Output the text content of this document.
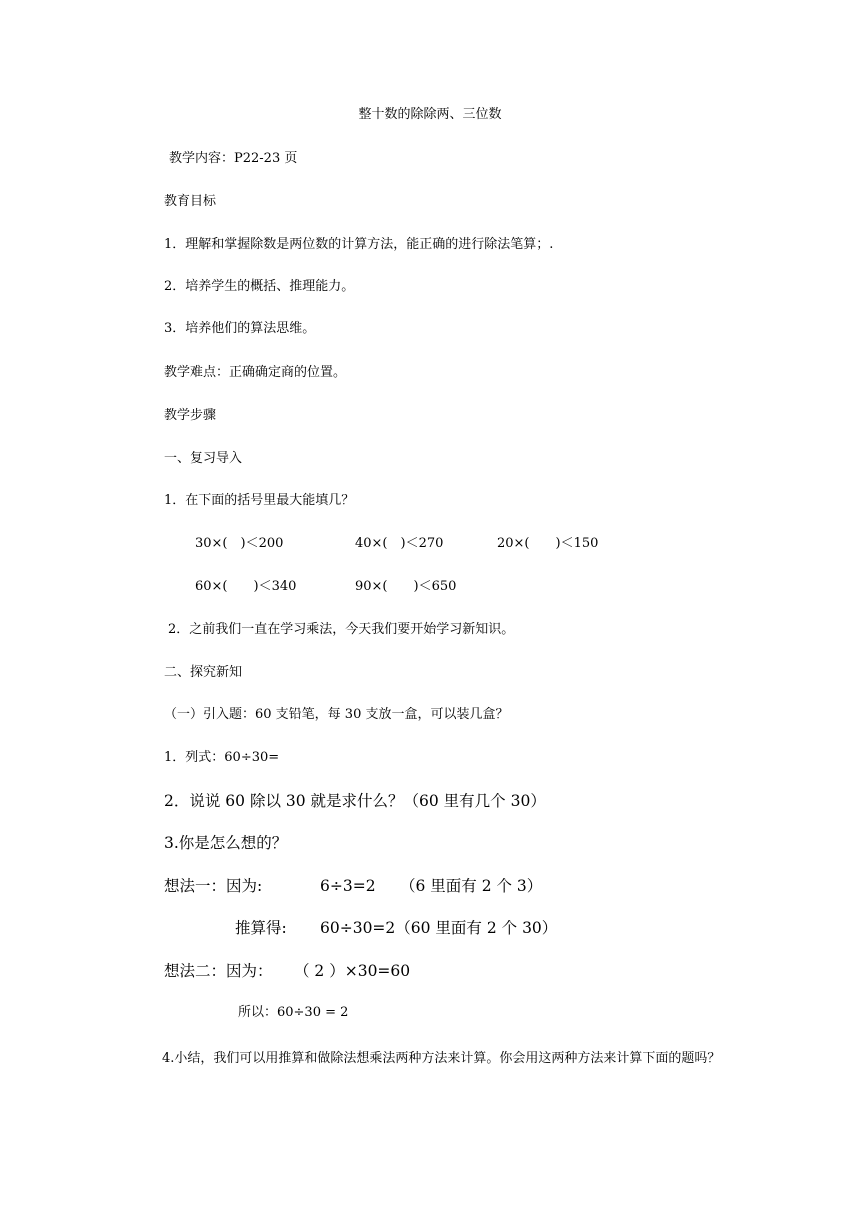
整十数的除除两、三位数
教学内容：P22-23 页
教育目标
1．理解和掌握除数是两位数的计算方法，能正确的进行除法笔算；.
2．培养学生的概括、推理能力。
3．培养他们的算法思维。
教学难点：正确确定商的位置。
教学步骤
一、复习导入
1．在下面的括号里最大能填几？
30×(　)＜200	40×(　)＜270	20×(　　)＜150
60×(　　)＜340	90×(　　)＜650
2．之前我们一直在学习乘法，今天我们要开始学习新知识。
二、探究新知
（一）引入题：60 支铅笔，每 30 支放一盒，可以装几盒？
1．列式：60÷30=
2．说说 60 除以 30 就是求什么？（60 里有几个 30）
3.你是怎么想的？
想法一：因为:	6÷3=2 （6 里面有 2 个 3）
推算得: 60÷30=2（60 里面有 2 个 30）
想法二：因为： （ 2 ）×30=60
所以：60÷30 = 2
4.小结，我们可以用推算和做除法想乘法两种方法来计算。你会用这两种方法来计算下面的题吗？
